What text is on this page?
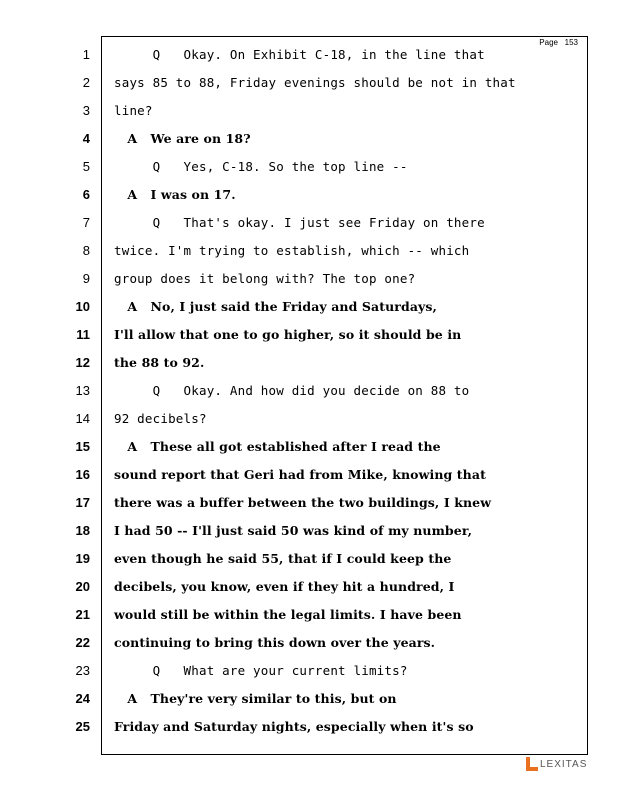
Page 153
1 Q   Okay. On Exhibit C-18, in the line that
2 says 85 to 88, Friday evenings should be not in that
3 line?
4 A   We are on 18?
5 Q   Yes, C-18. So the top line --
6 A   I was on 17.
7 Q   That's okay. I just see Friday on there
8 twice. I'm trying to establish, which -- which
9 group does it belong with? The top one?
10 A   No, I just said the Friday and Saturdays,
11 I'll allow that one to go higher, so it should be in
12 the 88 to 92.
13 Q   Okay. And how did you decide on 88 to
14 92 decibels?
15 A   These all got established after I read the
16 sound report that Geri had from Mike, knowing that
17 there was a buffer between the two buildings, I knew
18 I had 50 -- I'll just said 50 was kind of my number,
19 even though he said 55, that if I could keep the
20 decibels, you know, even if they hit a hundred, I
21 would still be within the legal limits. I have been
22 continuing to bring this down over the years.
23 Q   What are your current limits?
24 A   They're very similar to this, but on
25 Friday and Saturday nights, especially when it's so
LEXITAS
